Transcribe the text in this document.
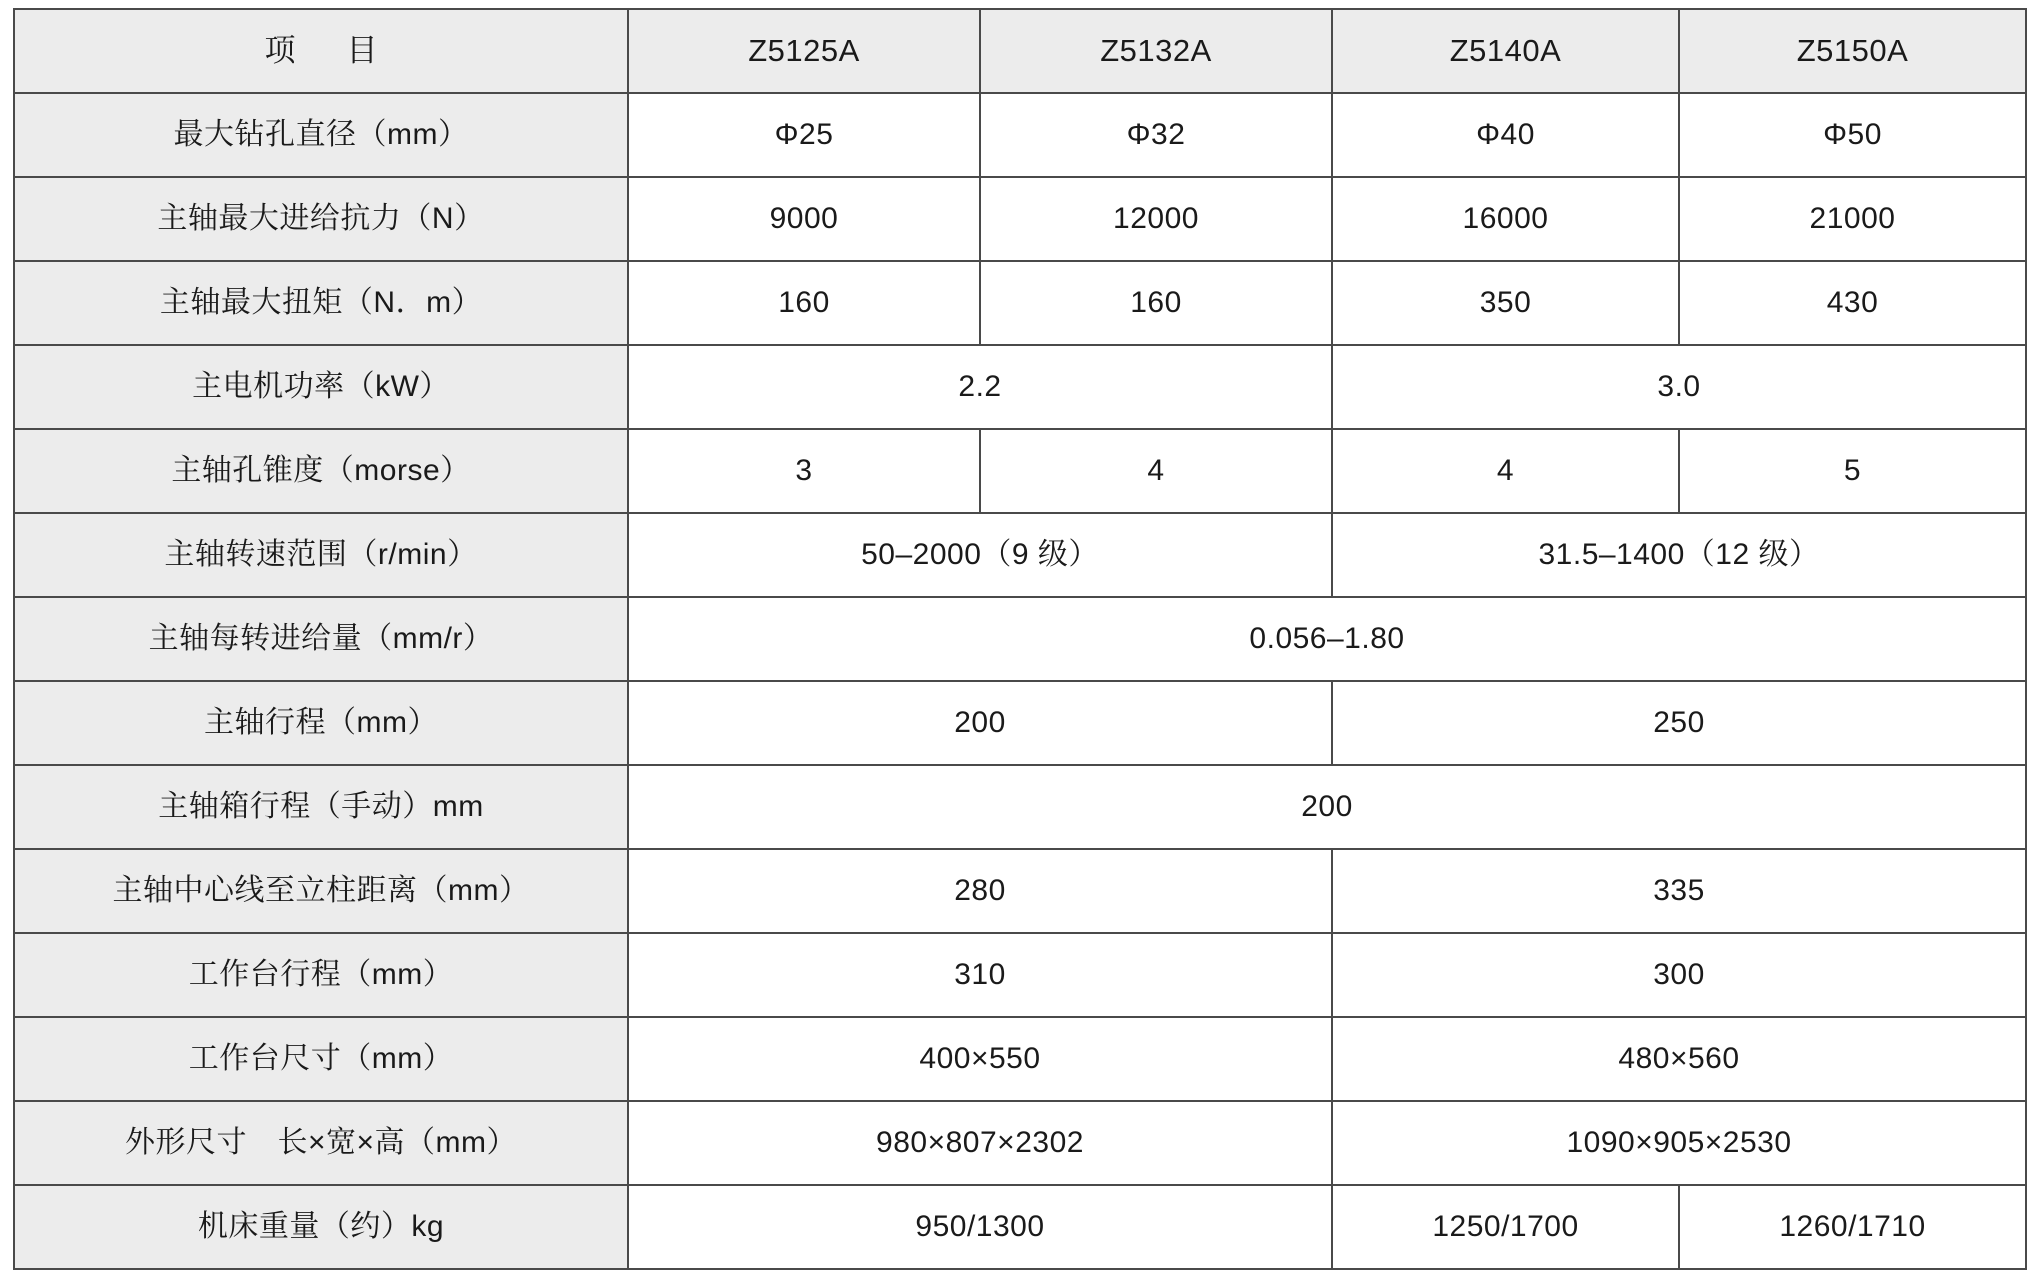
项　目	Z5125A	Z5132A	Z5140A	Z5150A
最大钻孔直径（mm）	Φ25	Φ32	Φ40	Φ50
主轴最大进给抗力（N）	9000	12000	16000	21000
主轴最大扭矩（N．m）	160	160	350	430
主电机功率（kW）	2.2		3.0	
主轴孔锥度（morse）	3	4	4	5
主轴转速范围（r/min）	50–2000（9 级）		31.5–1400（12 级）	
主轴每转进给量（mm/r）	0.056–1.80			
主轴行程（mm）	200		250	
主轴箱行程（手动）mm	200			
主轴中心线至立柱距离（mm）	280		335	
工作台行程（mm）	310		300	
工作台尺寸（mm）	400×550		480×560	
外形尺寸　长×宽×高（mm）	980×807×2302		1090×905×2530	
机床重量（约）kg	950/1300		1250/1700	1260/1710
